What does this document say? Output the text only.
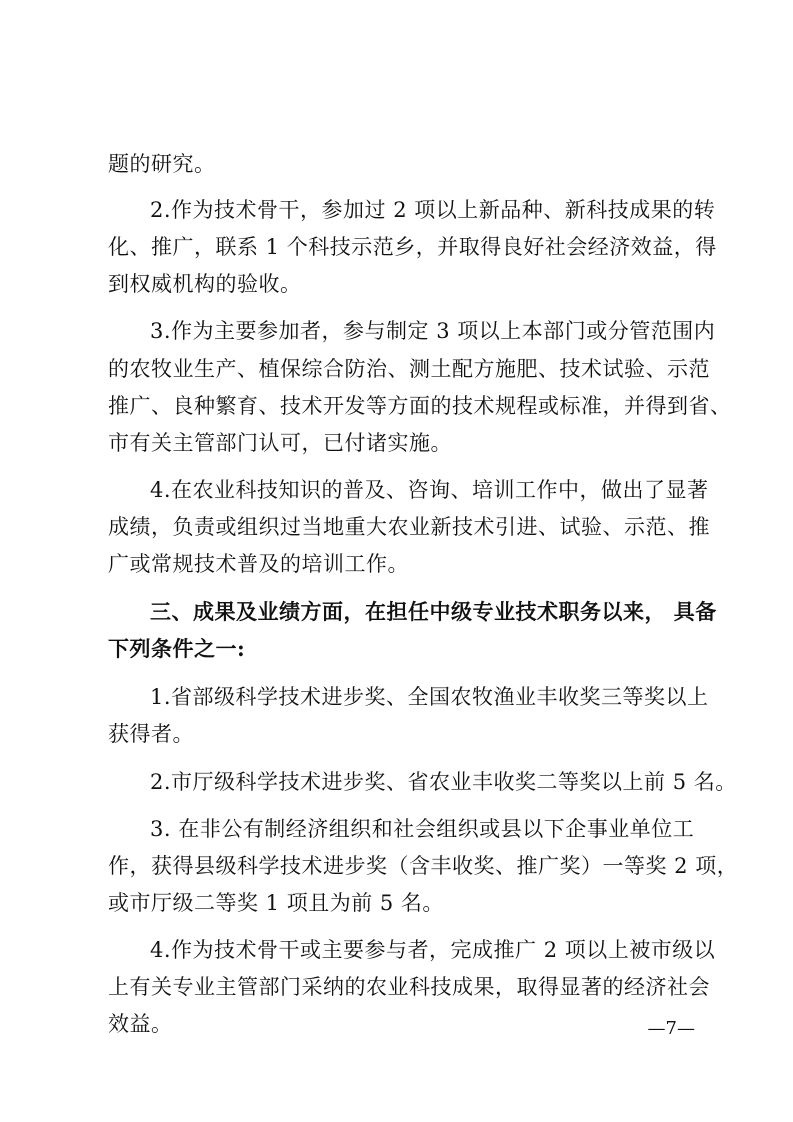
题的研究。
2.作为技术骨干，参加过 2 项以上新品种、新科技成果的转
化、推广，联系 1 个科技示范乡，并取得良好社会经济效益，得
到权威机构的验收。
3.作为主要参加者，参与制定 3 项以上本部门或分管范围内
的农牧业生产、植保综合防治、测土配方施肥、技术试验、示范
推广、良种繁育、技术开发等方面的技术规程或标准，并得到省、
市有关主管部门认可，已付诸实施。
4.在农业科技知识的普及、咨询、培训工作中，做出了显著
成绩，负责或组织过当地重大农业新技术引进、试验、示范、推
广或常规技术普及的培训工作。
三、成果及业绩方面，在担任中级专业技术职务以来， 具备
下列条件之一:
1.省部级科学技术进步奖、全国农牧渔业丰收奖三等奖以上
获得者。
2.市厅级科学技术进步奖、省农业丰收奖二等奖以上前 5 名。
3. 在非公有制经济组织和社会组织或县以下企事业单位工
作，获得县级科学技术进步奖（含丰收奖、推广奖）一等奖 2 项，
或市厅级二等奖 1 项且为前 5 名。
4.作为技术骨干或主要参与者，完成推广 2 项以上被市级以
上有关专业主管部门采纳的农业科技成果，取得显著的经济社会
效益。	—7—
